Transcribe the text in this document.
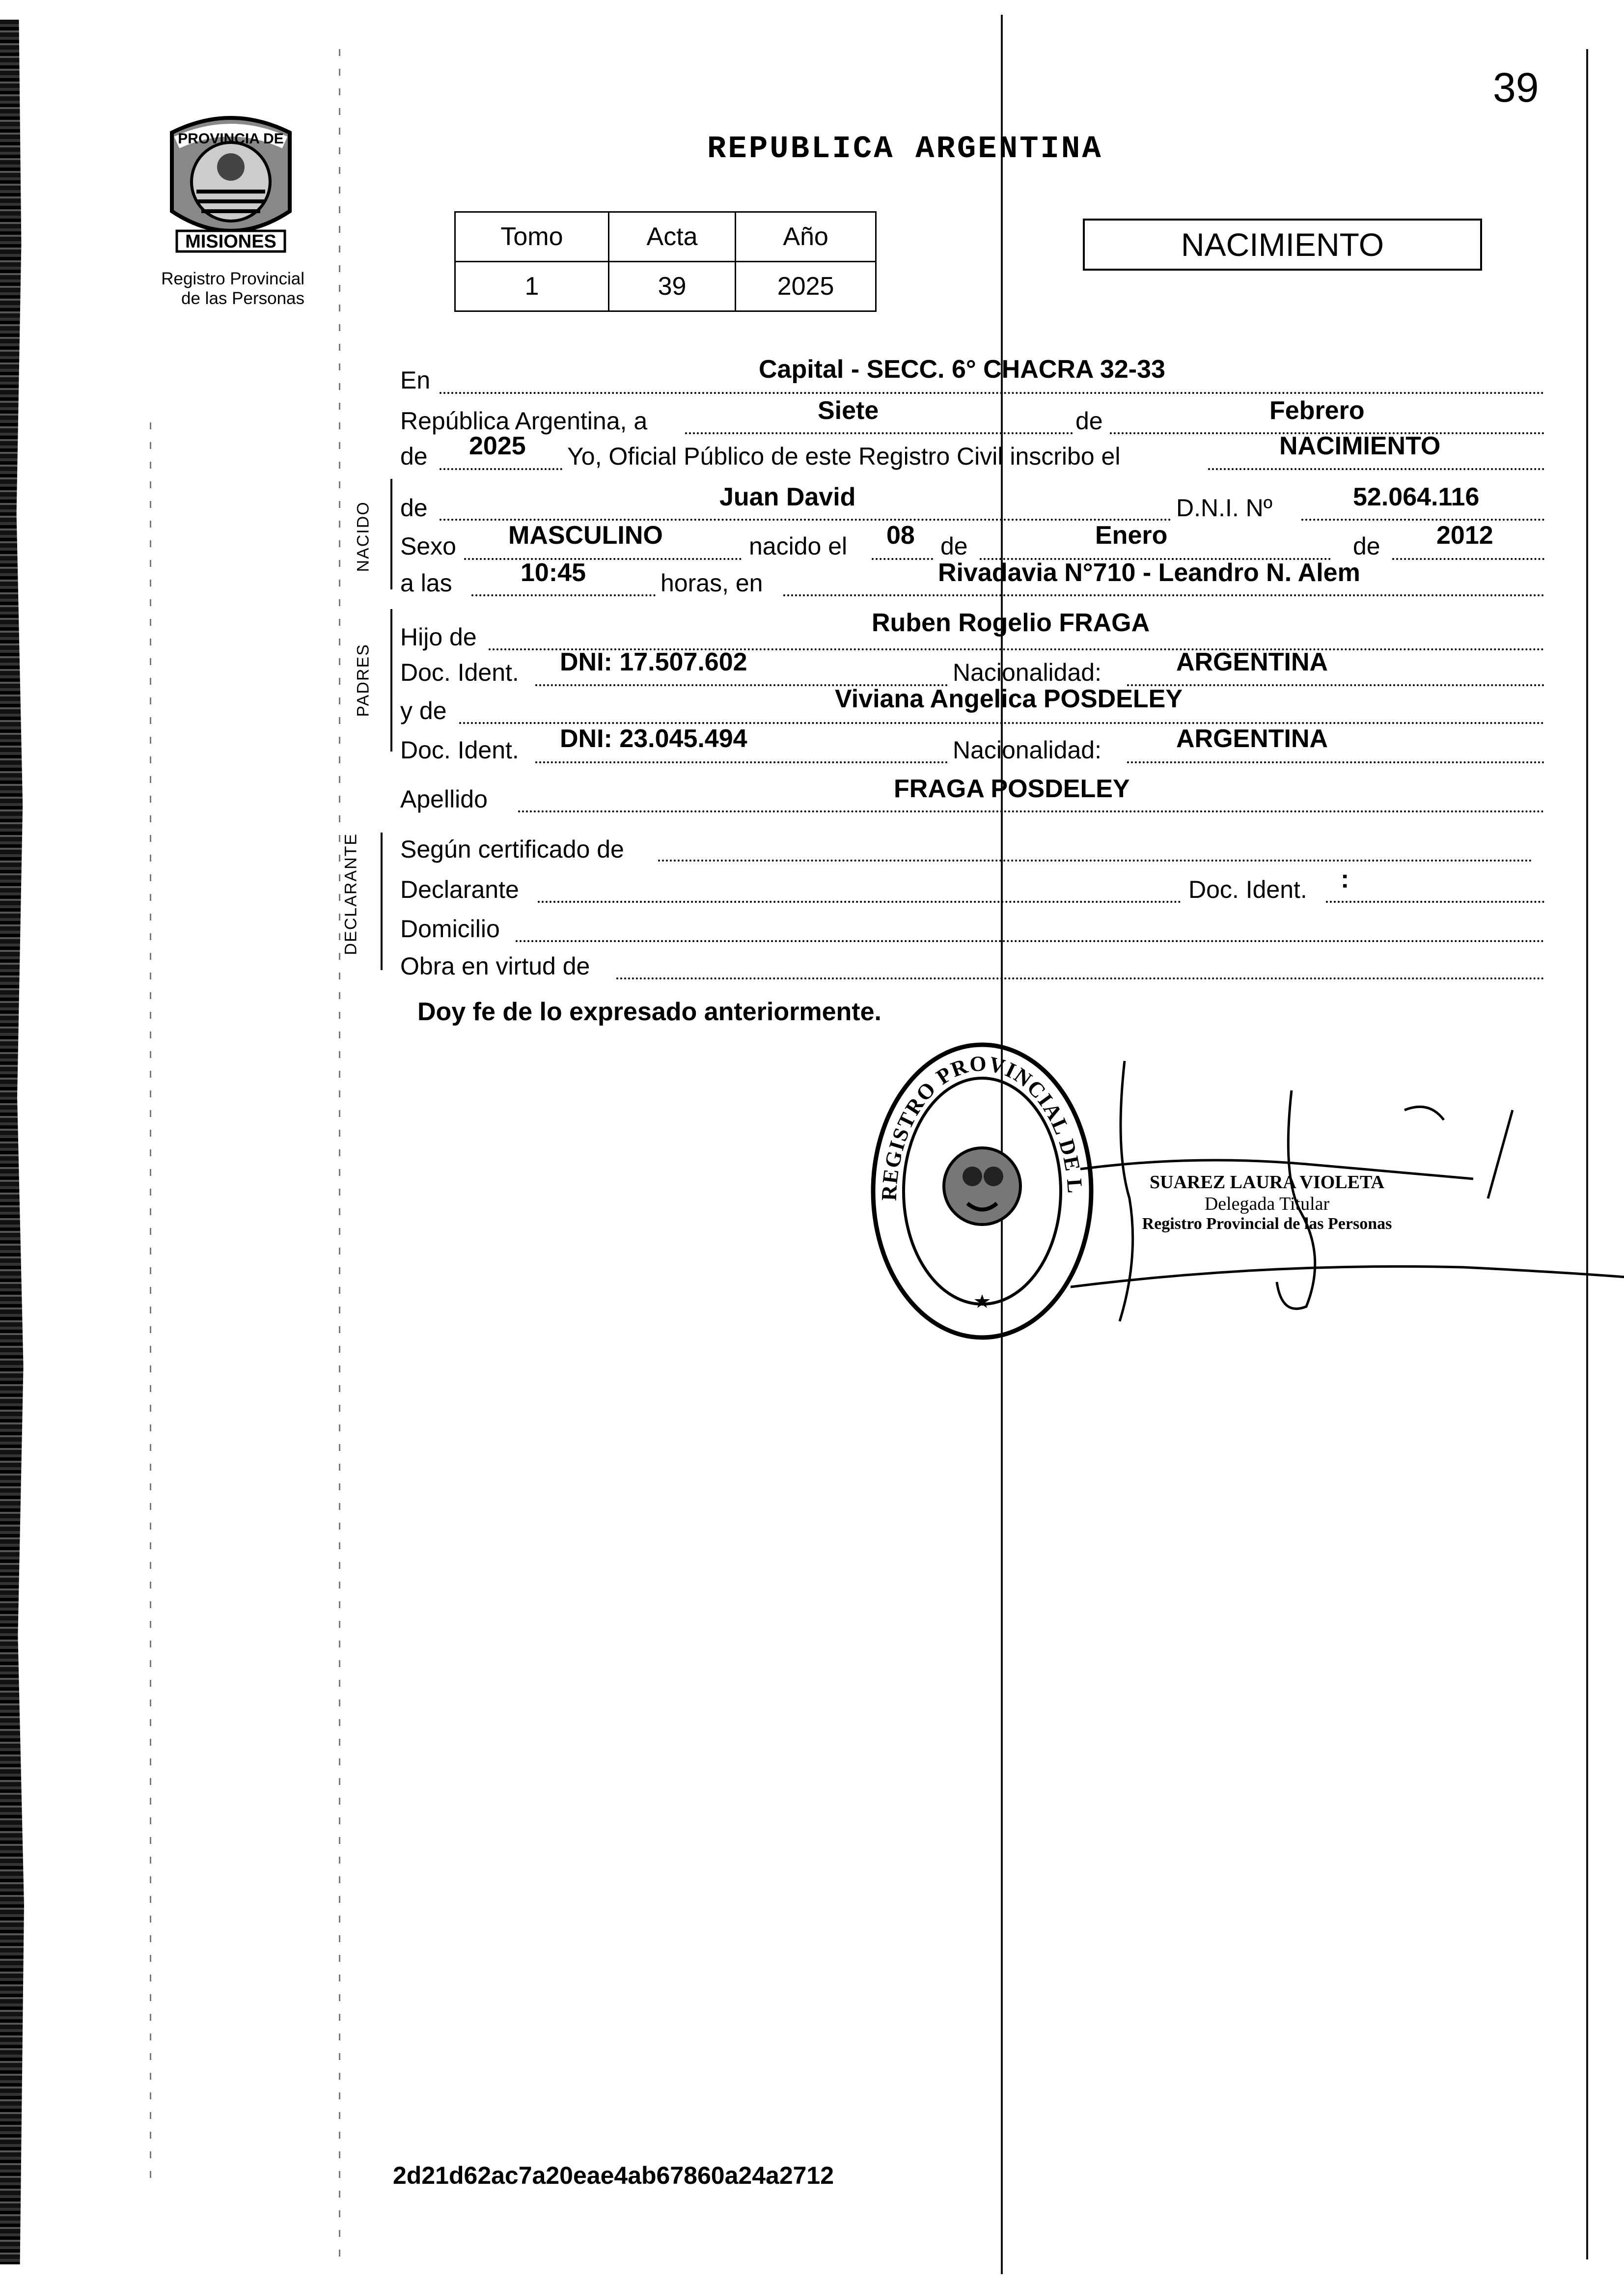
39
PROVINCIA DE
MISIONES
Registro Provincial
de las Personas
REPUBLICA ARGENTINA
Tomo	Acta	Año
1	39	2025
NACIMIENTO
En	Capital - SECC. 6° CHACRA 32-33
República Argentina, a	Siete	de	Febrero
de 2025 Yo, Oficial Público de este Registro Civil inscribo el	NACIMIENTO
NACIDO de	Juan David	D.N.I. Nº	52.064.116
Sexo MASCULINO	nacido el 08 de	Enero	de 2012
a las	10:45	horas, en	Rivadavia N°710 - Leandro N. Alem
PADRES
Hijo de	Ruben Rogelio FRAGA
Doc. Ident. DNI: 17.507.602	Nacionalidad:	ARGENTINA
y de	Viviana Angelica POSDELEY
Doc. Ident. DNI: 23.045.494	Nacionalidad:	ARGENTINA
Apellido	FRAGA POSDELEY
DECLARANTE Según certificado de
Declarante	Doc. Ident. :
Domicilio
Obra en virtud de
Doy fe de lo expresado anteriormente.
REGISTRO PROVINCIAL DE L	SUAREZ LAURA VIOLETA
Delegada Titular
Registro Provincial de las Personas
2d21d62ac7a20eae4ab67860a24a2712
